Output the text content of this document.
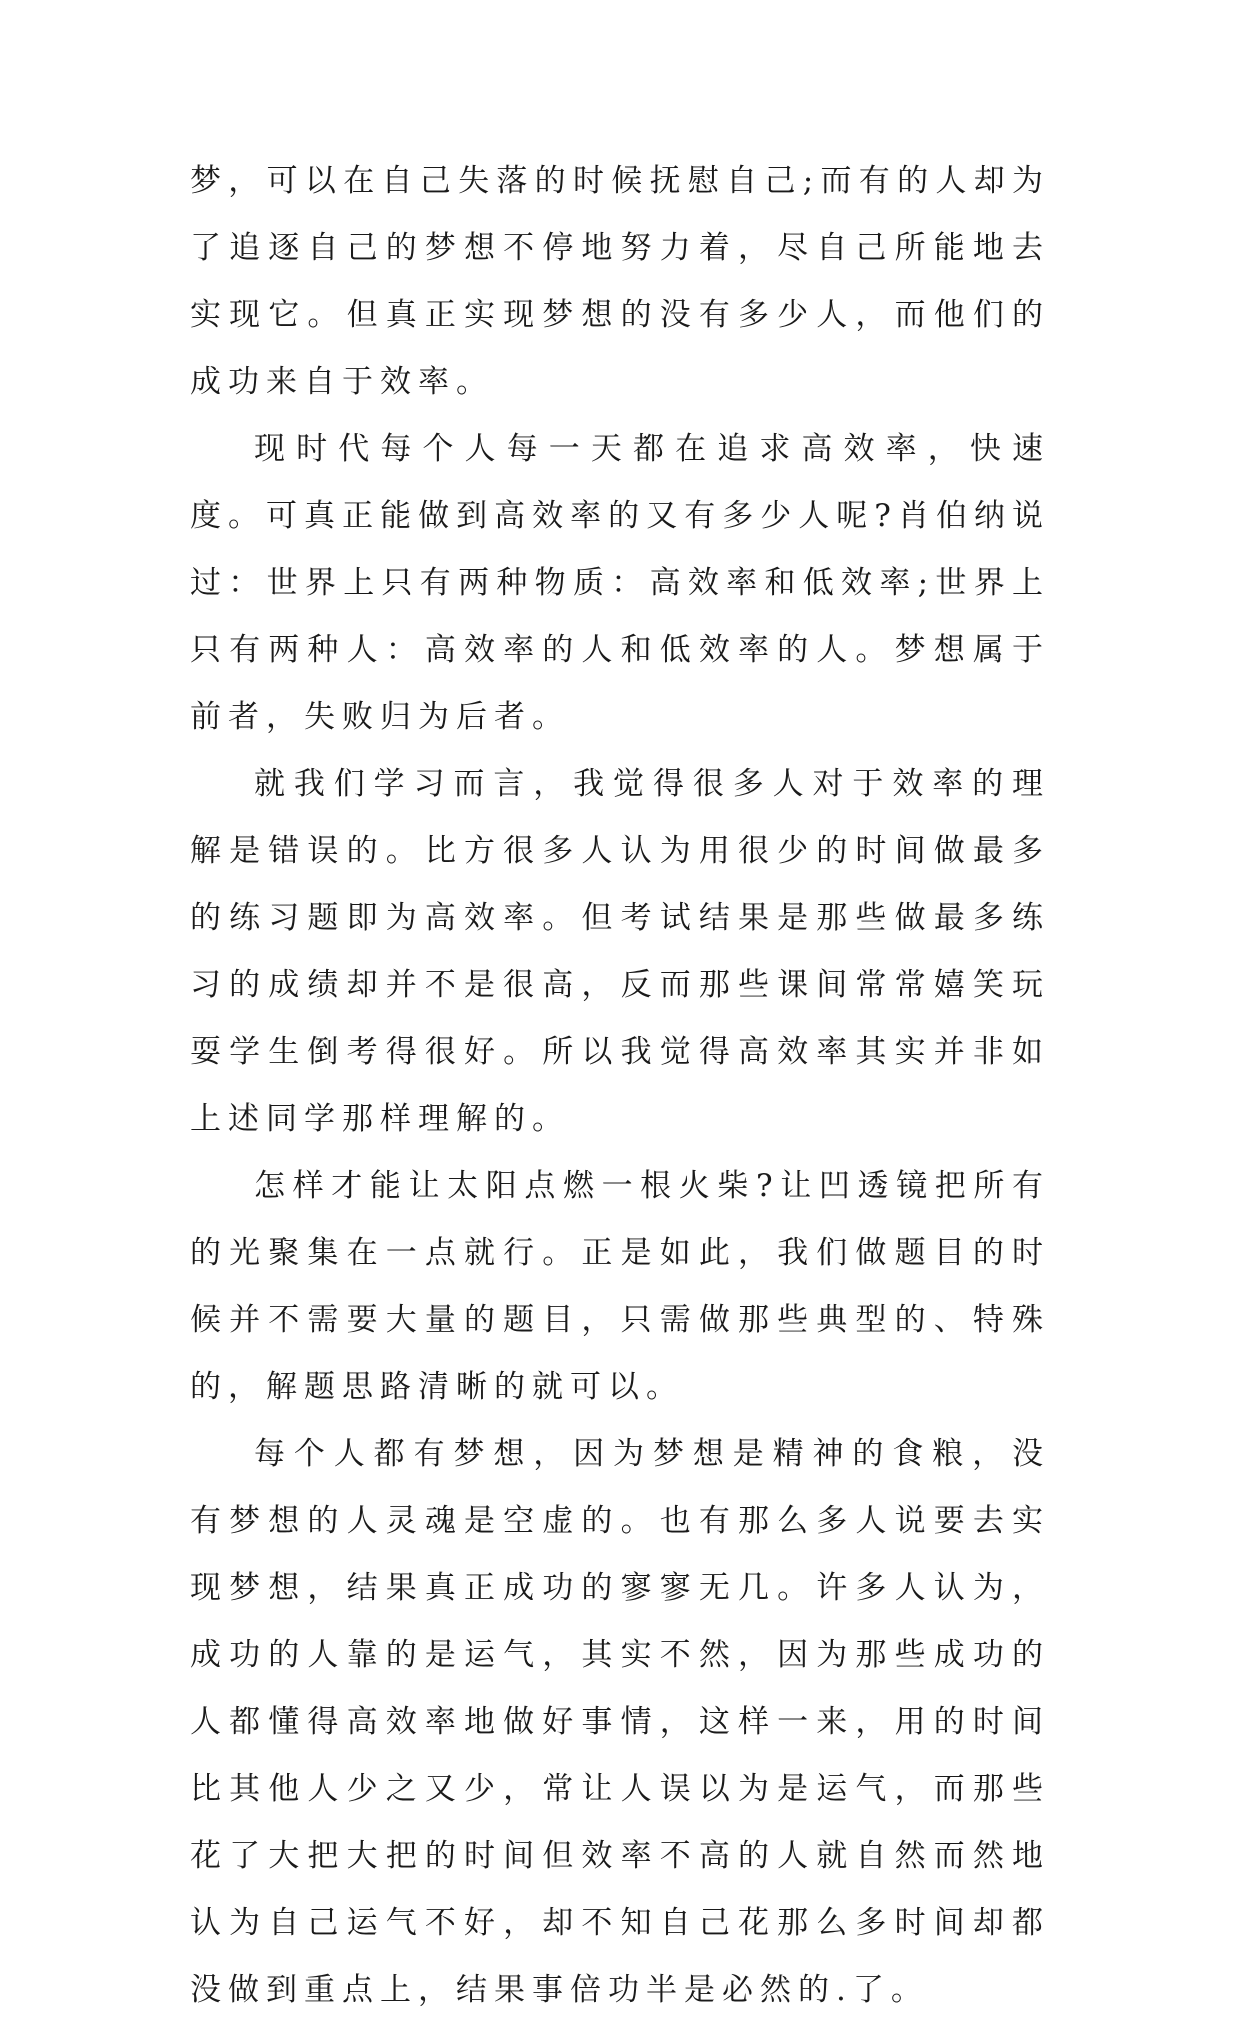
梦，可以在自己失落的时候抚慰自己;而有的人却为了追逐自己的梦想不停地努力着，尽自己所能地去实现它。但真正实现梦想的没有多少人，而他们的成功来自于效率。

现时代每个人每一天都在追求高效率，快速度。可真正能做到高效率的又有多少人呢?肖伯纳说过：世界上只有两种物质：高效率和低效率;世界上只有两种人：高效率的人和低效率的人。梦想属于前者，失败归为后者。

就我们学习而言，我觉得很多人对于效率的理解是错误的。比方很多人认为用很少的时间做最多的练习题即为高效率。但考试结果是那些做最多练习的成绩却并不是很高，反而那些课间常常嬉笑玩耍学生倒考得很好。所以我觉得高效率其实并非如上述同学那样理解的。

怎样才能让太阳点燃一根火柴?让凹透镜把所有的光聚集在一点就行。正是如此，我们做题目的时候并不需要大量的题目，只需做那些典型的、特殊的，解题思路清晰的就可以。

每个人都有梦想，因为梦想是精神的食粮，没有梦想的人灵魂是空虚的。也有那么多人说要去实现梦想，结果真正成功的寥寥无几。许多人认为，成功的人靠的是运气，其实不然，因为那些成功的人都懂得高效率地做好事情，这样一来，用的时间比其他人少之又少，常让人误以为是运气，而那些花了大把大把的时间但效率不高的人就自然而然地认为自己运气不好，却不知自己花那么多时间却都没做到重点上，结果事倍功半是必然的.了。
